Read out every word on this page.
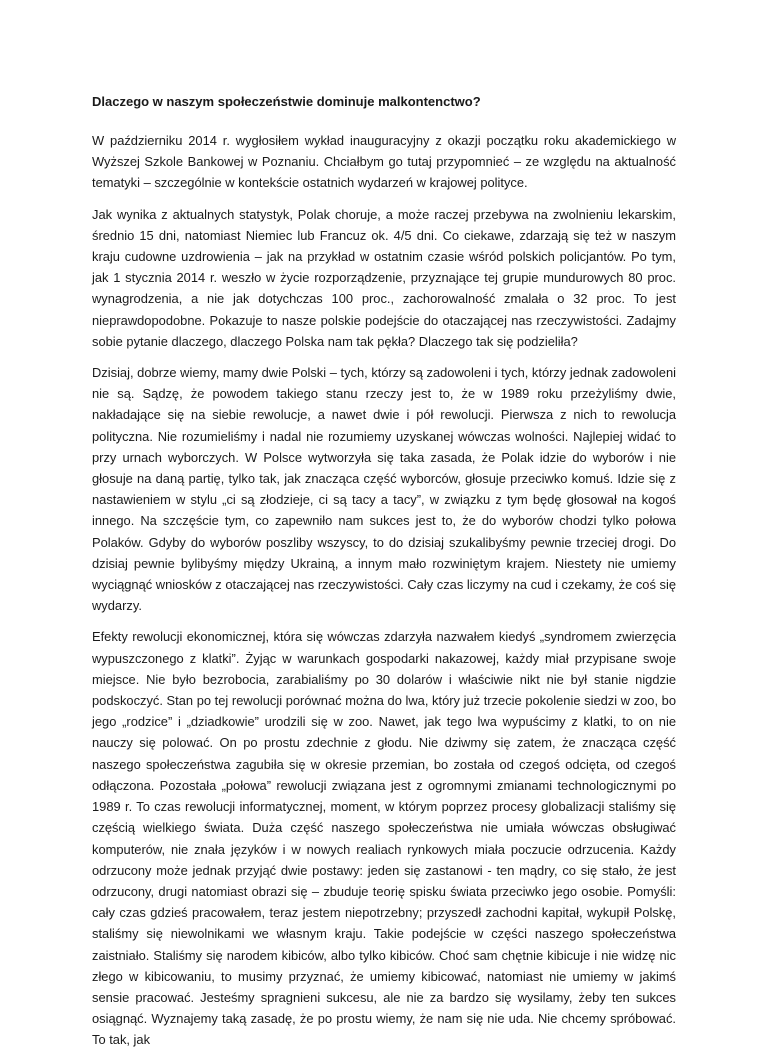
Dlaczego w naszym społeczeństwie dominuje malkontenctwo?

W październiku 2014 r. wygłosiłem wykład inauguracyjny z okazji początku roku akademickiego w Wyższej Szkole Bankowej w Poznaniu. Chciałbym go tutaj przypomnieć – ze względu na aktualność tematyki – szczególnie w kontekście ostatnich wydarzeń w krajowej polityce.

Jak wynika z aktualnych statystyk, Polak choruje, a może raczej przebywa na zwolnieniu lekarskim, średnio 15 dni, natomiast Niemiec lub Francuz ok. 4/5 dni. Co ciekawe, zdarzają się też w naszym kraju cudowne uzdrowienia – jak na przykład w ostatnim czasie wśród polskich policjantów. Po tym, jak 1 stycznia 2014 r. weszło w życie rozporządzenie, przyznające tej grupie mundurowych 80 proc. wynagrodzenia, a nie jak dotychczas 100 proc., zachorowalność zmalała o 32 proc. To jest nieprawdopodobne. Pokazuje to nasze polskie podejście do otaczającej nas rzeczywistości. Zadajmy sobie pytanie dlaczego, dlaczego Polska nam tak pękła? Dlaczego tak się podzieliła?

Dzisiaj, dobrze wiemy, mamy dwie Polski – tych, którzy są zadowoleni i tych, którzy jednak zadowoleni nie są. Sądzę, że powodem takiego stanu rzeczy jest to, że w 1989 roku przeżyliśmy dwie, nakładające się na siebie rewolucje, a nawet dwie i pół rewolucji. Pierwsza z nich to rewolucja polityczna. Nie rozumieliśmy i nadal nie rozumiemy uzyskanej wówczas wolności. Najlepiej widać to przy urnach wyborczych. W Polsce wytworzyła się taka zasada, że Polak idzie do wyborów i nie głosuje na daną partię, tylko tak, jak znacząca część wyborców, głosuje przeciwko komuś. Idzie się z nastawieniem w stylu „ci są złodzieje, ci są tacy a tacy”, w związku z tym będę głosował na kogoś innego. Na szczęście tym, co zapewniło nam sukces jest to, że do wyborów chodzi tylko połowa Polaków. Gdyby do wyborów poszliby wszyscy, to do dzisiaj szukalibyśmy pewnie trzeciej drogi. Do dzisiaj pewnie bylibyśmy między Ukrainą, a innym mało rozwiniętym krajem. Niestety nie umiemy wyciągnąć wniosków z otaczającej nas rzeczywistości. Cały czas liczymy na cud i czekamy, że coś się wydarzy.

Efekty rewolucji ekonomicznej, która się wówczas zdarzyła nazwałem kiedyś „syndromem zwierzęcia wypuszczonego z klatki”. Żyjąc w warunkach gospodarki nakazowej, każdy miał przypisane swoje miejsce. Nie było bezrobocia, zarabialiśmy po 30 dolarów i właściwie nikt nie był stanie nigdzie podskoczyć. Stan po tej rewolucji porównać można do lwa, który już trzecie pokolenie siedzi w zoo, bo jego „rodzice” i „dziadkowie” urodzili się w zoo. Nawet, jak tego lwa wypuścimy z klatki, to on nie nauczy się polować. On po prostu zdechnie z głodu. Nie dziwmy się zatem, że znacząca część naszego społeczeństwa zagubiła się w okresie przemian, bo została od czegoś odcięta, od czegoś odłączona. Pozostała „połowa” rewolucji związana jest z ogromnymi zmianami technologicznymi po 1989 r. To czas rewolucji informatycznej, moment, w którym poprzez procesy globalizacji staliśmy się częścią wielkiego świata. Duża część naszego społeczeństwa nie umiała wówczas obsługiwać komputerów, nie znała języków i w nowych realiach rynkowych miała poczucie odrzucenia. Każdy odrzucony może jednak przyjąć dwie postawy: jeden się zastanowi - ten mądry, co się stało, że jest odrzucony, drugi natomiast obrazi się – zbuduje teorię spisku świata przeciwko jego osobie. Pomyśli: cały czas gdzieś pracowałem, teraz jestem niepotrzebny; przyszedł zachodni kapitał, wykupił Polskę, staliśmy się niewolnikami we własnym kraju. Takie podejście w części naszego społeczeństwa zaistniało. Staliśmy się narodem kibiców, albo tylko kibiców. Choć sam chętnie kibicuje i nie widzę nic złego w kibicowaniu, to musimy przyznać, że umiemy kibicować, natomiast nie umiemy w jakimś sensie pracować. Jesteśmy spragnieni sukcesu, ale nie za bardzo się wysilamy, żeby ten sukces osiągnąć. Wyznajemy taką zasadę, że po prostu wiemy, że nam się nie uda. Nie chcemy spróbować. To tak, jak
